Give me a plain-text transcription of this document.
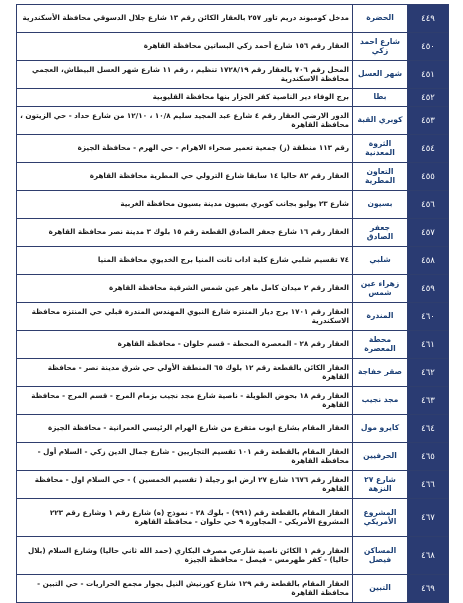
٤٤٩	الحضرة	مدخل كومبوند دريم تاور ٢٥٧ بالعقار الكائن رقم ١٣ شارع جلال الدسوقي محافظة الأسكندرية
٤٥٠	شارع احمد زكي	العقار رقم ١٥٦ شارع أحمد زكي البساتين محافظة القاهرة
٤٥١	شهر العسل	المحل رقم ٧٠٦ بالعقار رقم ١٧٢٨/١٩ تنظيم ، رقم ١١ شارع شهر العسل البيطاش، العجمي محافظة الاسكندرية
٤٥٢	بطا	برج الوفاء دير الناصية كفر الجزار بنها محافظة القليوبية
٤٥٣	كوبري القبة	الدور الارضي العقار رقم ٤ شارع عبد المجيد سليم ١٠/٨ ، ١٢/١٠ من شارع حداد - حي الزيتون ، محافظة القاهرة
٤٥٤	الثروة المعدنية	رقم ١١٣ منطقة (ز) جمعية تعمير صحراء الاهرام - حي الهرم - محافظة الجيزة
٤٥٥	التعاون المطرية	العقار رقم ٨٢ حاليا ١٤ سابقا شارع الترولي حي المطرية محافظة القاهرة
٤٥٦	بسيون	شارع ٢٣ يوليو بجانب كوبري بسيون مدينة بسيون محافظة الغربية
٤٥٧	جعفر الصادق	العقار رقم ١٦ شارع جعفر الصادق القطعة رقم ١٥ بلوك ٣ مدينة نصر محافظة القاهرة
٤٥٨	شلبي	٧٤ تقسيم شلبي شارع كلية اداب ثانت المنيا برج الخديوي محافظة المنيا
٤٥٩	زهراء عين شمس	العقار رقم ٢ ميدان كامل ماهر عين شمس الشرقية محافظة القاهرة
٤٦٠	المندرة	العقار رقم ١٧٠١ برج ديار المنتزه شارع النبوي المهندس المندرة قبلي حي المنتزه محافظة الاسكندرية
٤٦١	محطة المعصرة	العقار رقم ٢٨ - المعصرة المحطة - قسم حلوان - محافظة القاهرة
٤٦٢	صقر خفاجة	العقار الكائن بالقطعة رقم ١٢ بلوك ٦٥ المنطقة الأولي حي شرق مدينة نصر - محافظة القاهرة
٤٦٣	مجد نجيب	العقار رقم ١٨ بحوض الطويلة - ناصية شارع مجد نجيب بزمام المرج - قسم المرج - محافظة القاهرة
٤٦٤	كايرو مول	العقار المقام بشارع ايوب متفرع من شارع الهرام الرئيسي العمرانية - محافظة الجيزة
٤٦٥	الحرفيين	العقار المقام بالقطعة رقم ١٠١ تقسيم التجاريين - شارع جمال الدين زكي - السلام أول - محافظة القاهرة
٤٦٦	شارع ٢٧ النزهة	العقار رقم ١٦٧٦ شارع ٢٧ ارض ابو رجيلة ( تقسيم الخمسين ) - حي السلام اول - محافظة القاهرة
٤٦٧	المشروع الأمريكي	العقار المقام بالقطعة رقم (٩٩١) - بلوك ٢٨ - نموذج (ه) شارع رقم ١ وشارع رقم ٢٢٣ المشروع الأمريكي - المجاورة ٩ حي حلوان - محافظة القاهرة
٤٦٨	المساكن فيصل	العقار رقم ١ الكائن ناصية شارعي مصرف البكاري (حمد الله ثاني حاليا) وشارع السلام (بلال حاليا) - كفر طهرمس - فيصل - محافظة الجيزة
٤٦٩	التبين	العقار المقام بالقطعة رقم ١٢٩ شارع كورنيش النيل بجوار مجمع الحراريات - حي التبين - محافظة القاهرة
